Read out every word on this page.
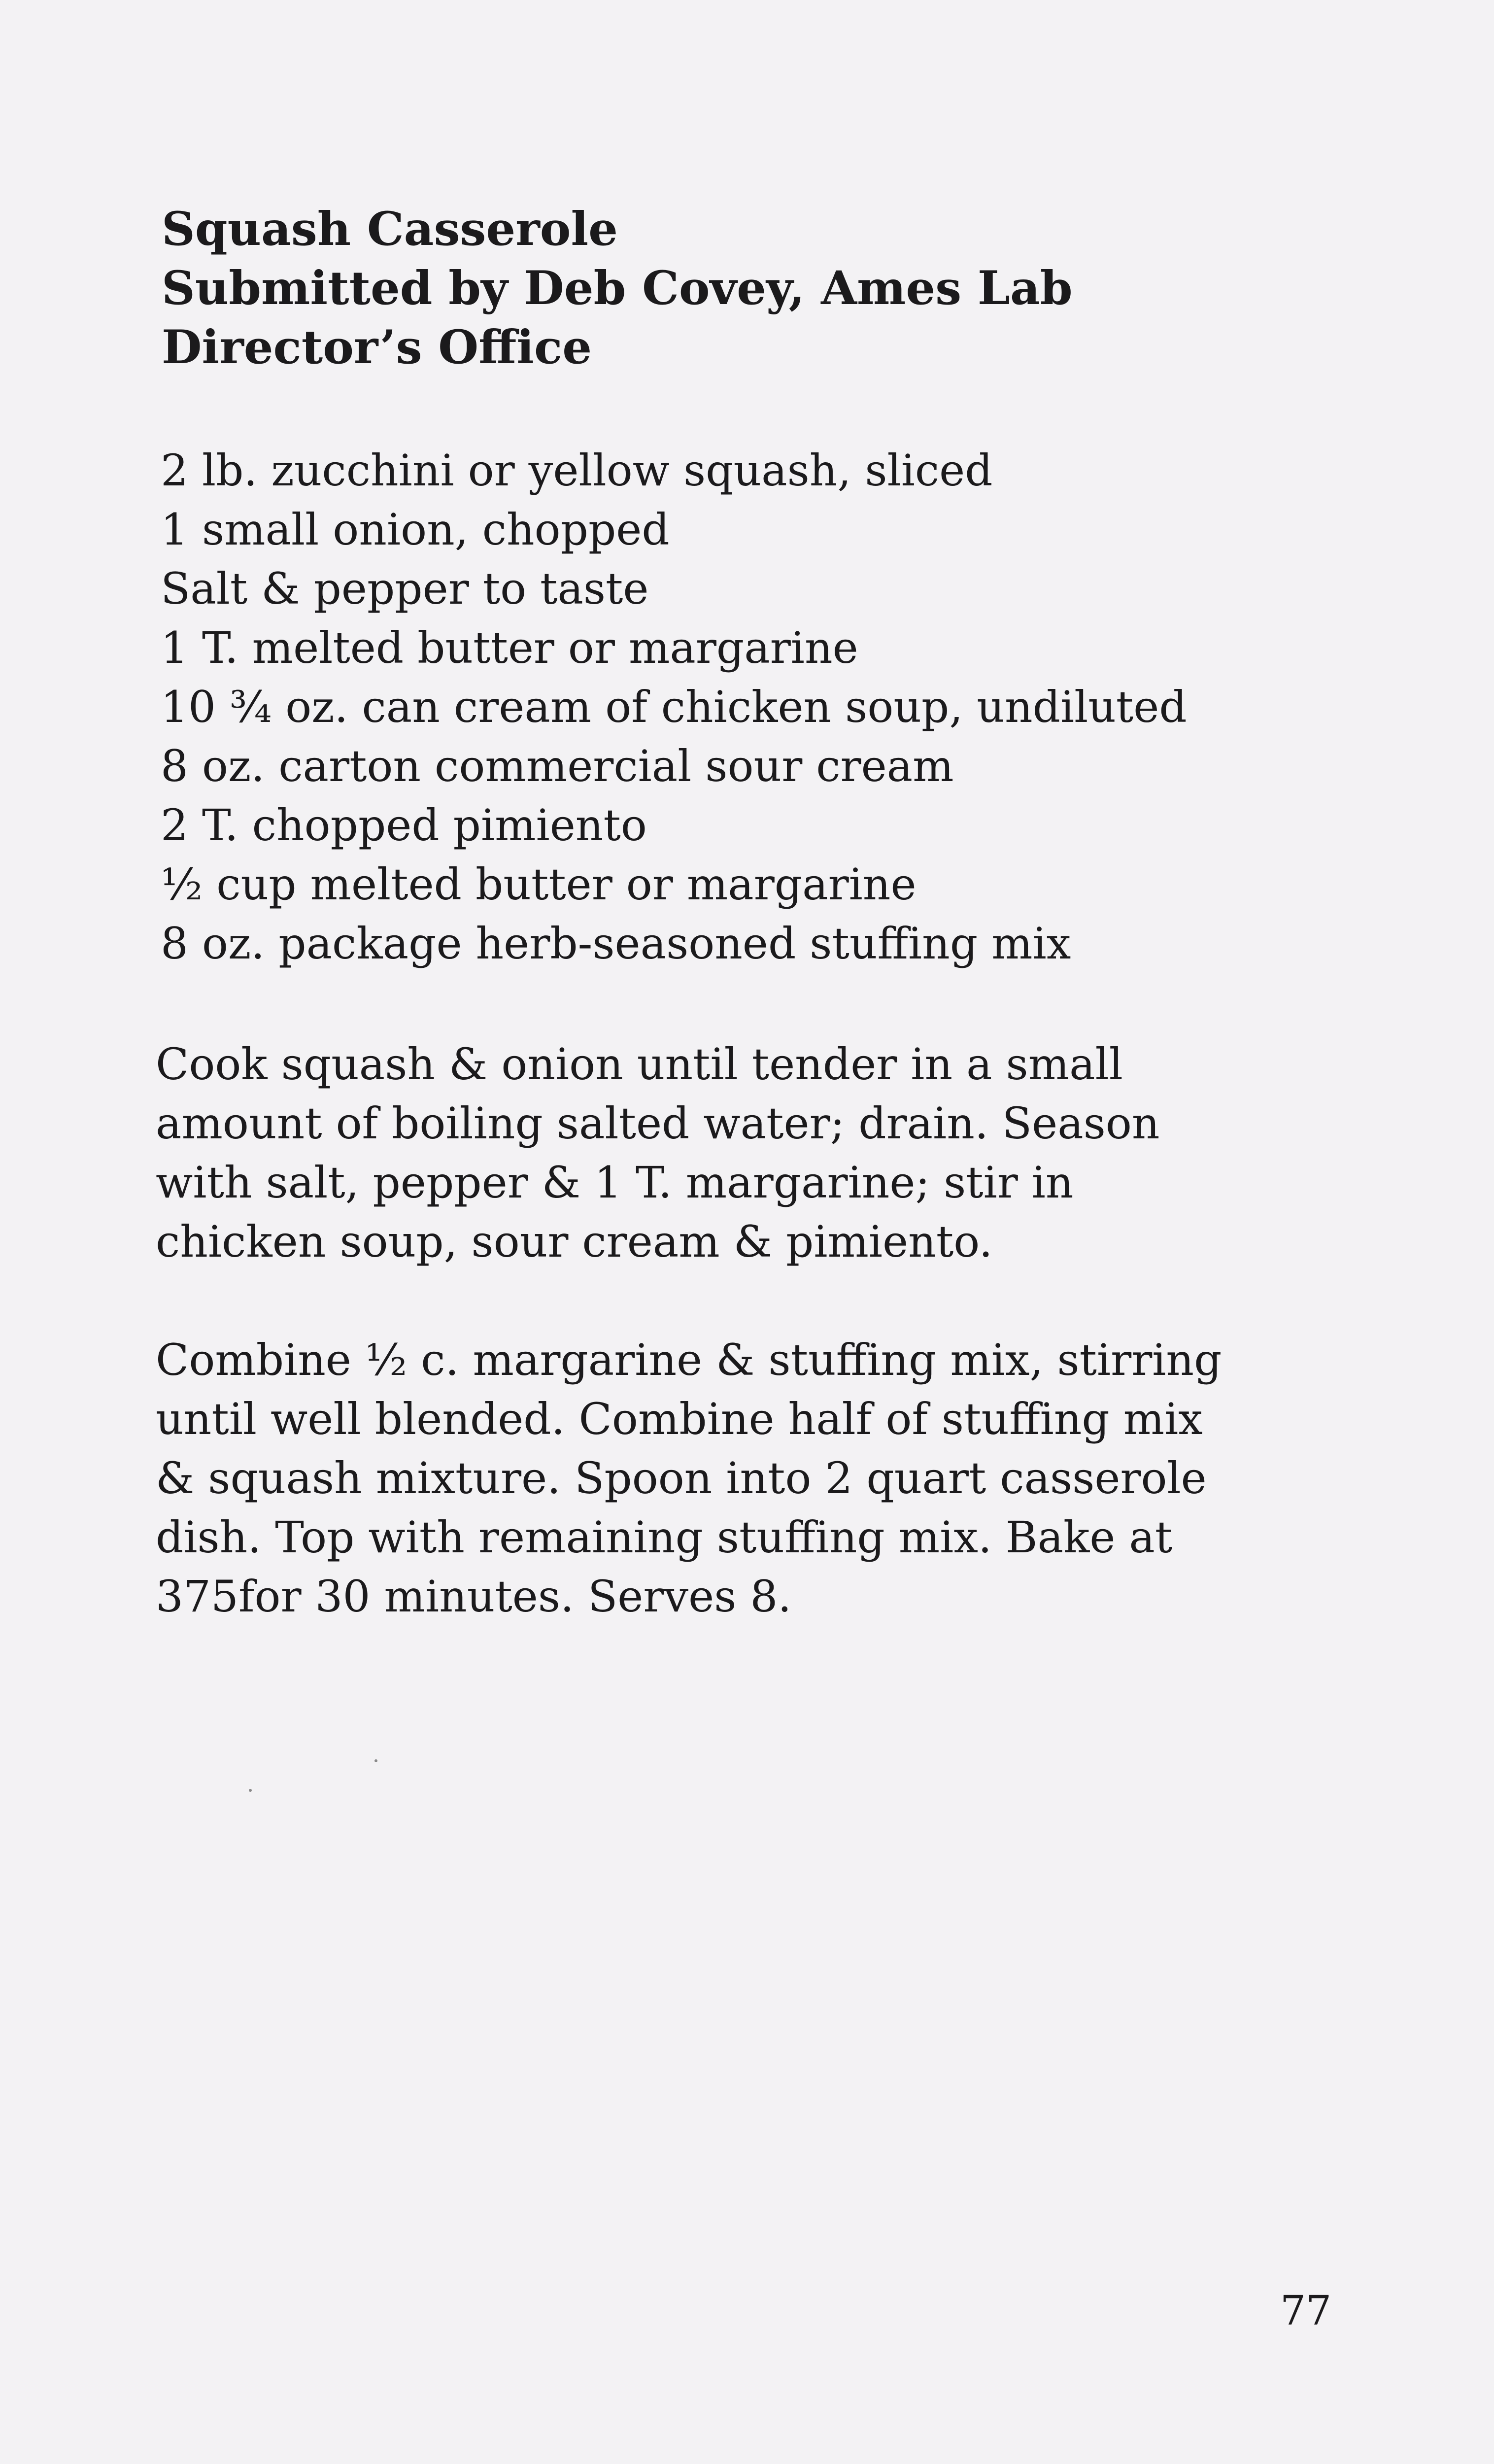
Squash Casserole
Submitted by Deb Covey, Ames Lab
Director’s Office
2 lb. zucchini or yellow squash, sliced
1 small onion, chopped
Salt & pepper to taste
1 T. melted butter or margarine
10 ¾ oz. can cream of chicken soup, undiluted
8 oz. carton commercial sour cream
2 T. chopped pimiento
½ cup melted butter or margarine
8 oz. package herb-seasoned stuffing mix
Cook squash & onion until tender in a small
amount of boiling salted water; drain. Season
with salt, pepper & 1 T. margarine; stir in
chicken soup, sour cream & pimiento.
Combine ½ c. margarine & stuffing mix, stirring
until well blended. Combine half of stuffing mix
& squash mixture. Spoon into 2 quart casserole
dish. Top with remaining stuffing mix. Bake at
375for 30 minutes. Serves 8.
77
